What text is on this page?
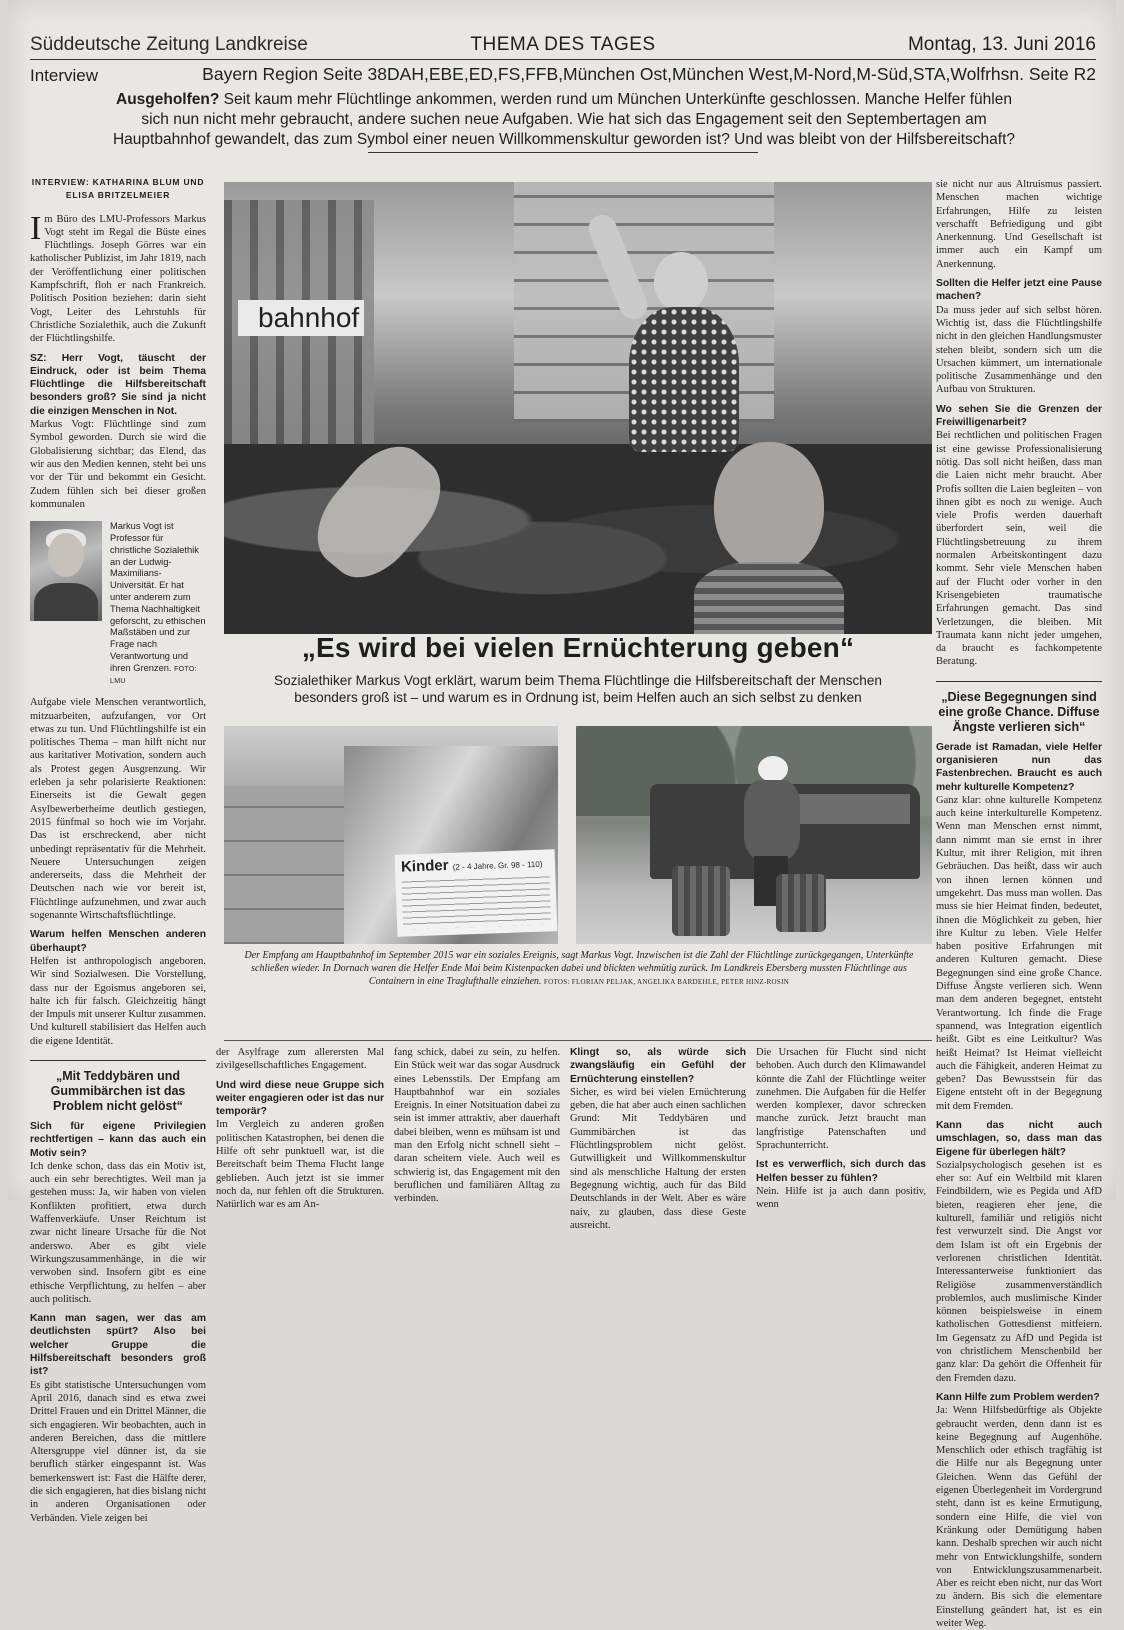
Süddeutsche Zeitung Landkreise	THEMA DES TAGES	Montag, 13. Juni 2016
Interview	Bayern Region Seite 38DAH,EBE,ED,FS,FFB,München Ost,München West,M-Nord,M-Süd,STA,Wolfrhsn. Seite R2
Ausgeholfen? Seit kaum mehr Flüchtlinge ankommen, werden rund um München Unterkünfte geschlossen. Manche Helfer fühlen sich nun nicht mehr gebraucht, andere suchen neue Aufgaben. Wie hat sich das Engagement seit den Septembertagen am Hauptbahnhof gewandelt, das zum Symbol einer neuen Willkommenskultur geworden ist? Und was bleibt von der Hilfsbereitschaft?
INTERVIEW: KATHARINA BLUM UND ELISA BRITZELMEIER

Im Büro des LMU-Professors Markus Vogt steht im Regal die Büste eines Flüchtlings. Joseph Görres war ein katholischer Publizist, im Jahr 1819, nach der Veröffentlichung einer politischen Kampfschrift, floh er nach Frankreich. Politisch Position beziehen: darin sieht Vogt, Leiter des Lehrstuhls für Christliche Sozialethik, auch die Zukunft der Flüchtlingshilfe.

SZ: Herr Vogt, täuscht der Eindruck, oder ist beim Thema Flüchtlinge die Hilfsbereitschaft besonders groß? Sie sind ja nicht die einzigen Menschen in Not.

Markus Vogt: Flüchtlinge sind zum Symbol geworden. Durch sie wird die Globalisierung sichtbar; das Elend, das wir aus den Medien kennen, steht bei uns vor der Tür und bekommt ein Gesicht. Zudem fühlen sich bei dieser großen kommunalen

Markus Vogt ist Professor für christliche Sozialethik an der Ludwig-Maximilians-Universität. Er hat unter anderem zum Thema Nachhaltigkeit geforscht, zu ethischen Maßstäben und zur Frage nach Verantwortung und ihren Grenzen. FOTO: LMU

Aufgabe viele Menschen verantwortlich, mitzuarbeiten, aufzufangen, vor Ort etwas zu tun. Und Flüchtlingshilfe ist ein politisches Thema – man hilft nicht nur aus karitativer Motivation, sondern auch als Protest gegen Ausgrenzung. Wir erleben ja sehr polarisierte Reaktionen: Einerseits ist die Gewalt gegen Asylbewerberheime deutlich gestiegen, 2015 fünfmal so hoch wie im Vorjahr. Das ist erschreckend, aber nicht unbedingt repräsentativ für die Mehrheit. Neuere Untersuchungen zeigen andererseits, dass die Mehrheit der Deutschen nach wie vor bereit ist, Flüchtlinge aufzunehmen, und zwar auch sogenannte Wirtschaftsflüchtlinge.

Warum helfen Menschen anderen überhaupt?

Helfen ist anthropologisch angeboren. Wir sind Sozialwesen. Die Vorstellung, dass nur der Egoismus angeboren sei, halte ich für falsch. Gleichzeitig hängt der Impuls mit unserer Kultur zusammen. Und kulturell stabilisiert das Helfen auch die eigene Identität.

„Mit Teddybären und Gummibärchen ist das Problem nicht gelöst“

Sich für eigene Privilegien rechtfertigen – kann das auch ein Motiv sein?

Ich denke schon, dass das ein Motiv ist, auch ein sehr berechtigtes. Weil man ja gestehen muss: Ja, wir haben von vielen Konflikten profitiert, etwa durch Waffenverkäufe. Unser Reichtum ist zwar nicht lineare Ursache für die Not anderswo. Aber es gibt viele Wirkungszusammenhänge, in die wir verwoben sind. Insofern gibt es eine ethische Verpflichtung, zu helfen – aber auch politisch.

Kann man sagen, wer das am deutlichsten spürt? Also bei welcher Gruppe die Hilfsbereitschaft besonders groß ist?

Es gibt statistische Untersuchungen vom April 2016, danach sind es etwa zwei Drittel Frauen und ein Drittel Männer, die sich engagieren. Wir beobachten, auch in anderen Bereichen, dass die mittlere Altersgruppe viel dünner ist, da sie beruflich stärker eingespannt ist. Was bemerkenswert ist: Fast die Hälfte derer, die sich engagieren, hat dies bislang nicht in anderen Organisationen oder Verbänden. Viele zeigen bei

bahnhof
„Es wird bei vielen Ernüchterung geben“
Sozialethiker Markus Vogt erklärt, warum beim Thema Flüchtlinge die Hilfsbereitschaft der Menschen besonders groß ist – und warum es in Ordnung ist, beim Helfen auch an sich selbst zu denken
Kinder (2 - 4 Jahre, Gr. 98 - 110)
Der Empfang am Hauptbahnhof im September 2015 war ein soziales Ereignis, sagt Markus Vogt. Inzwischen ist die Zahl der Flüchtlinge zurückgegangen, Unterkünfte schließen wieder. In Dornach waren die Helfer Ende Mai beim Kistenpacken dabei und blickten wehmütig zurück. Im Landkreis Ebersberg mussten Flüchtlinge aus Containern in eine Traglufthalle einziehen. FOTOS: FLORIAN PELJAK, ANGELIKA BARDEHLE, PETER HINZ-ROSIN

der Asylfrage zum allerersten Mal zivilgesellschaftliches Engagement.

Und wird diese neue Gruppe sich weiter engagieren oder ist das nur temporär?

Im Vergleich zu anderen großen politischen Katastrophen, bei denen die Hilfe oft sehr punktuell war, ist die Bereitschaft beim Thema Flucht lange geblieben. Auch jetzt ist sie immer noch da, nur fehlen oft die Strukturen. Natürlich war es am An-

fang schick, dabei zu sein, zu helfen. Ein Stück weit war das sogar Ausdruck eines Lebensstils. Der Empfang am Hauptbahnhof war ein soziales Ereignis. In einer Notsituation dabei zu sein ist immer attraktiv, aber dauerhaft dabei bleiben, wenn es mühsam ist und man den Erfolg nicht schnell sieht – daran scheitern viele. Auch weil es schwierig ist, das Engagement mit den beruflichen und familiären Alltag zu verbinden.

Klingt so, als würde sich zwangsläufig ein Gefühl der Ernüchterung einstellen?

Sicher, es wird bei vielen Ernüchterung geben, die hat aber auch einen sachlichen Grund: Mit Teddybären und Gummibärchen ist das Flüchtlingsproblem nicht gelöst. Gutwilligkeit und Willkommenskultur sind als menschliche Haltung der ersten Begegnung wichtig, auch für das Bild Deutschlands in der Welt. Aber es wäre naiv, zu glauben, dass diese Geste ausreicht.

Die Ursachen für Flucht sind nicht behoben. Auch durch den Klimawandel könnte die Zahl der Flüchtlinge weiter zunehmen. Die Aufgaben für die Helfer werden komplexer, davor schrecken manche zurück. Jetzt braucht man langfristige Patenschaften und Sprachunterricht.

Ist es verwerflich, sich durch das Helfen besser zu fühlen?

Nein. Hilfe ist ja auch dann positiv, wenn

sie nicht nur aus Altruismus passiert. Menschen machen wichtige Erfahrungen, Hilfe zu leisten verschafft Befriedigung und gibt Anerkennung. Und Gesellschaft ist immer auch ein Kampf um Anerkennung.

Sollten die Helfer jetzt eine Pause machen?

Da muss jeder auf sich selbst hören. Wichtig ist, dass die Flüchtlingshilfe nicht in den gleichen Handlungsmuster stehen bleibt, sondern sich um die Ursachen kümmert, um internationale politische Zusammenhänge und den Aufbau von Strukturen.

Wo sehen Sie die Grenzen der Freiwilligenarbeit?

Bei rechtlichen und politischen Fragen ist eine gewisse Professionalisierung nötig. Das soll nicht heißen, dass man die Laien nicht mehr braucht. Aber Profis sollten die Laien begleiten – von ihnen gibt es noch zu wenige. Auch viele Profis werden dauerhaft überfordert sein, weil die Flüchtlingsbetreuung zu ihrem normalen Arbeitskontingent dazu kommt. Sehr viele Menschen haben auf der Flucht oder vorher in den Krisengebieten traumatische Erfahrungen gemacht. Das sind Verletzungen, die bleiben. Mit Traumata kann nicht jeder umgehen, da braucht es fachkompetente Beratung.

„Diese Begegnungen sind eine große Chance. Diffuse Ängste verlieren sich“

Gerade ist Ramadan, viele Helfer organisieren nun das Fastenbrechen. Braucht es auch mehr kulturelle Kompetenz?

Ganz klar: ohne kulturelle Kompetenz auch keine interkulturelle Kompetenz. Wenn man Menschen ernst nimmt, dann nimmt man sie ernst in ihrer Kultur, mit ihrer Religion, mit ihren Gebräuchen. Das heißt, dass wir auch von ihnen lernen können und umgekehrt. Das muss man wollen. Das muss sie hier Heimat finden, bedeutet, ihnen die Möglichkeit zu geben, hier ihre Kultur zu leben. Viele Helfer haben positive Erfahrungen mit anderen Kulturen gemacht. Diese Begegnungen sind eine große Chance. Diffuse Ängste verlieren sich. Wenn man dem anderen begegnet, entsteht Verantwortung. Ich finde die Frage spannend, was Integration eigentlich heißt. Gibt es eine Leitkultur? Was heißt Heimat? Ist Heimat vielleicht auch die Fähigkeit, anderen Heimat zu geben? Das Bewusstsein für das Eigene entsteht oft in der Begegnung mit dem Fremden.

Kann das nicht auch umschlagen, so, dass man das Eigene für überlegen hält?

Sozialpsychologisch gesehen ist es eher so: Auf ein Weltbild mit klaren Feindbildern, wie es Pegida und AfD bieten, reagieren eher jene, die kulturell, familiär und religiös nicht fest verwurzelt sind. Die Angst vor dem Islam ist oft ein Ergebnis der verlorenen christlichen Identität. Interessanterweise funktioniert das Religiöse zusammenverständlich problemlos, auch muslimische Kinder können beispielsweise in einem katholischen Gottesdienst mitfeiern. Im Gegensatz zu AfD und Pegida ist von christlichem Menschenbild her ganz klar: Da gehört die Offenheit für den Fremden dazu.

Kann Hilfe zum Problem werden?

Ja: Wenn Hilfsbedürftige als Objekte gebraucht werden, denn dann ist es keine Begegnung auf Augenhöhe. Menschlich oder ethisch tragfähig ist die Hilfe nur als Begegnung unter Gleichen. Wenn das Gefühl der eigenen Überlegenheit im Vordergrund steht, dann ist es keine Ermutigung, sondern eine Hilfe, die viel von Kränkung oder Demütigung haben kann. Deshalb sprechen wir auch nicht mehr von Entwicklungshilfe, sondern von Entwicklungszusammenarbeit. Aber es reicht eben nicht, nur das Wort zu ändern. Bis sich die elementare Einstellung geändert hat, ist es ein weiter Weg.
